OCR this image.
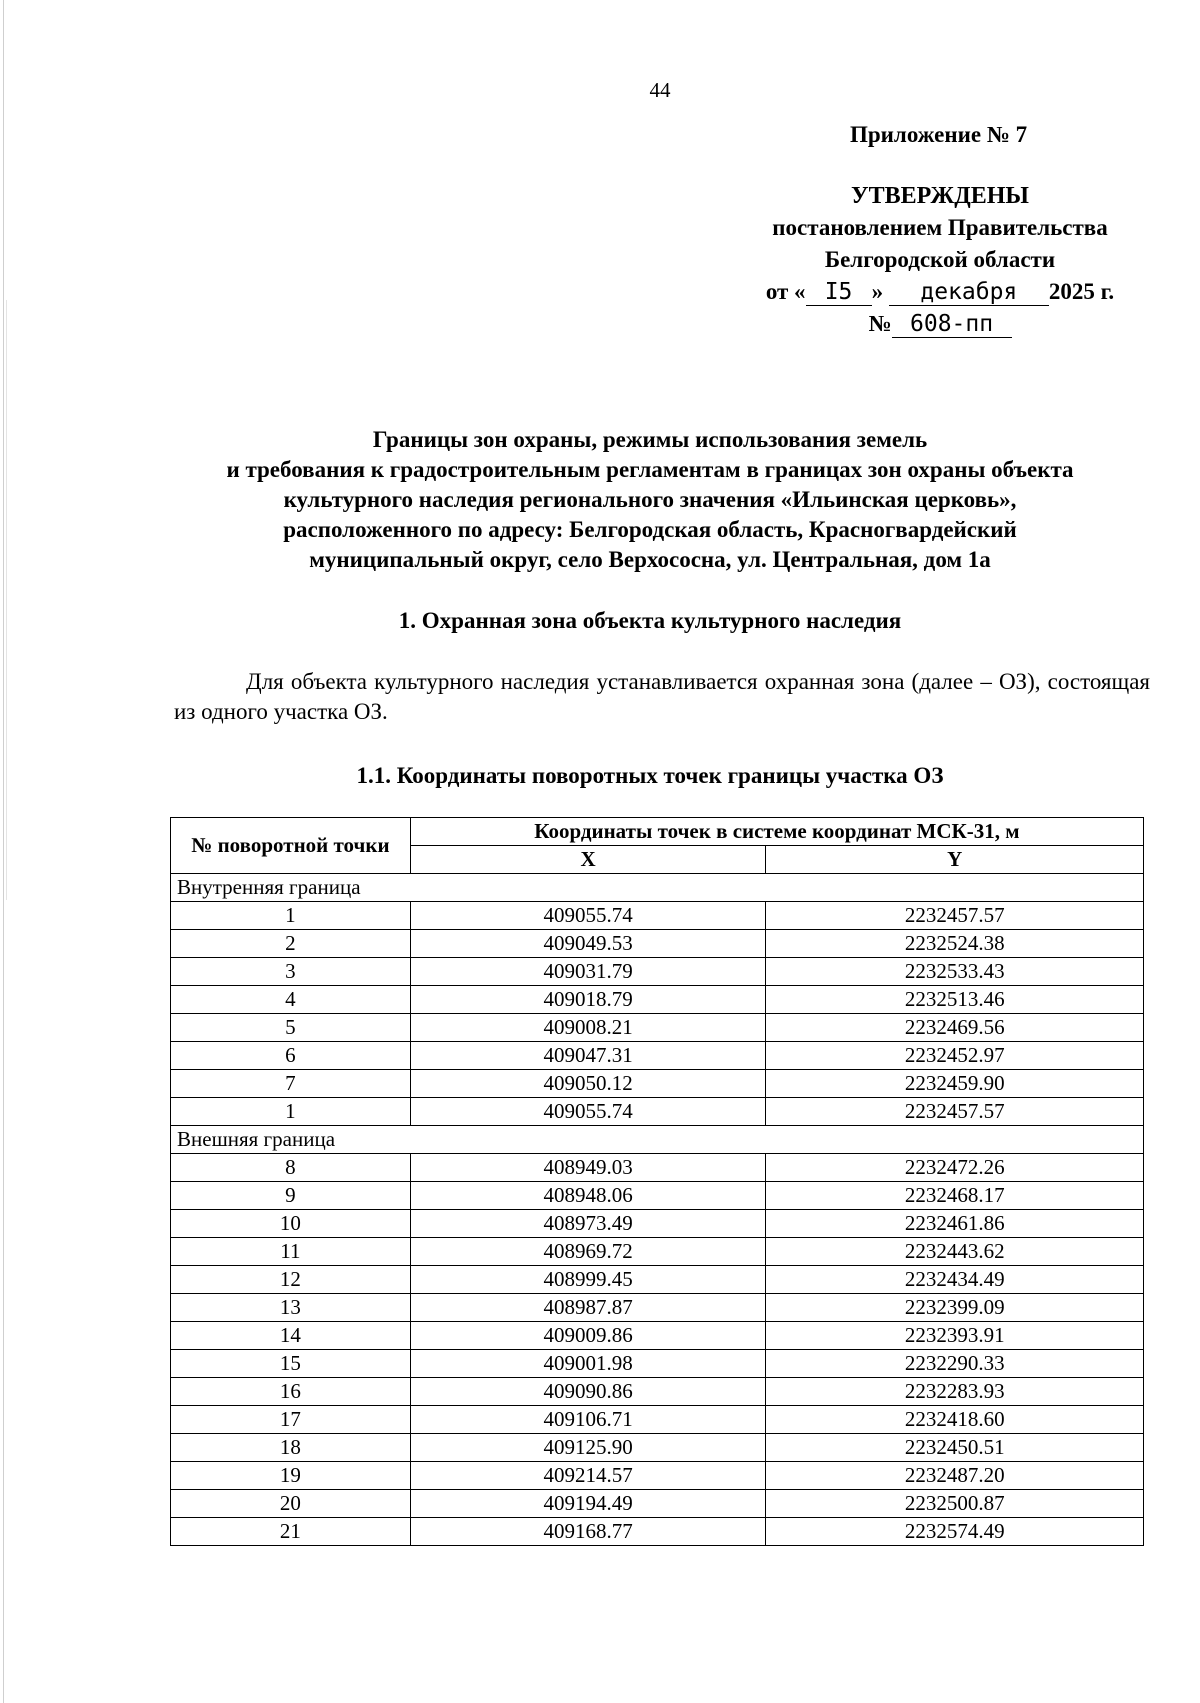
44
Приложение № 7
УТВЕРЖДЕНЫ
постановлением Правительства
Белгородской области
от « I5 » декабря 2025 г.
№ 608-пп
Границы зон охраны, режимы использования земель
и требования к градостроительным регламентам в границах зон охраны объекта
культурного наследия регионального значения «Ильинская церковь»,
расположенного по адресу: Белгородская область, Красногвардейский
муниципальный округ, село Верхососна, ул. Центральная, дом 1а
1. Охранная зона объекта культурного наследия
Для объекта культурного наследия устанавливается охранная зона (далее – ОЗ), состоящая из одного участка ОЗ.
1.1. Координаты поворотных точек границы участка ОЗ
№ поворотной точки	Координаты точек в системе координат МСК-31, м	
	X	Y
Внутренняя граница		
1	409055.74	2232457.57
2	409049.53	2232524.38
3	409031.79	2232533.43
4	409018.79	2232513.46
5	409008.21	2232469.56
6	409047.31	2232452.97
7	409050.12	2232459.90
1	409055.74	2232457.57
Внешняя граница		
8	408949.03	2232472.26
9	408948.06	2232468.17
10	408973.49	2232461.86
11	408969.72	2232443.62
12	408999.45	2232434.49
13	408987.87	2232399.09
14	409009.86	2232393.91
15	409001.98	2232290.33
16	409090.86	2232283.93
17	409106.71	2232418.60
18	409125.90	2232450.51
19	409214.57	2232487.20
20	409194.49	2232500.87
21	409168.77	2232574.49
